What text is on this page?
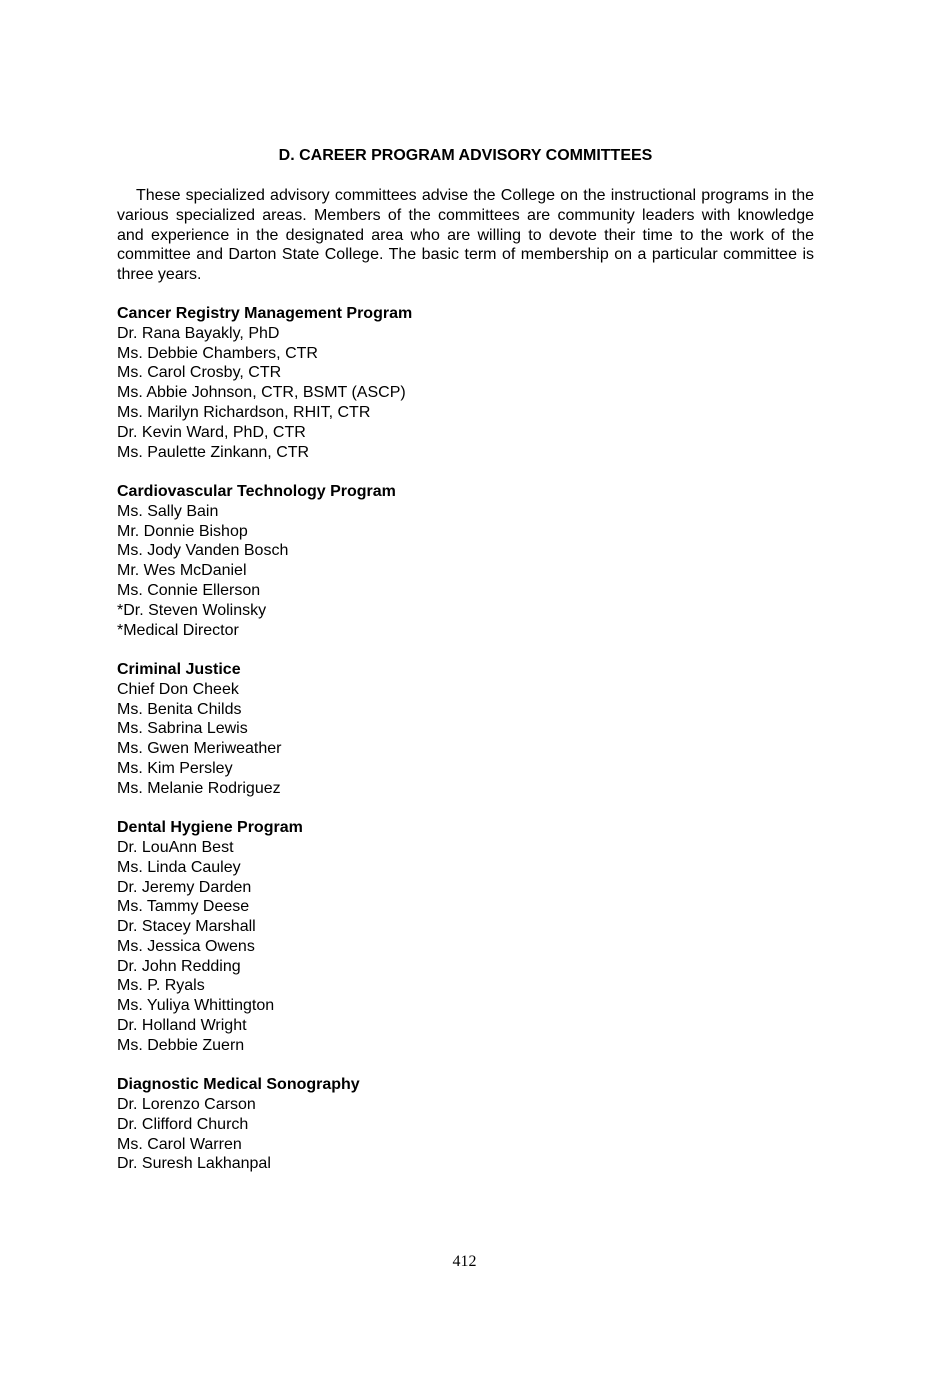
D. CAREER PROGRAM ADVISORY COMMITTEES

These specialized advisory committees advise the College on the instructional programs in the various specialized areas. Members of the committees are community leaders with knowledge and experience in the designated area who are willing to devote their time to the work of the committee and Darton State College. The basic term of membership on a particular committee is three years.

Cancer Registry Management Program

Dr. Rana Bayakly, PhD

Ms. Debbie Chambers, CTR

Ms. Carol Crosby, CTR

Ms. Abbie Johnson, CTR, BSMT (ASCP)

Ms. Marilyn Richardson, RHIT, CTR

Dr. Kevin Ward, PhD, CTR

Ms. Paulette Zinkann, CTR

Cardiovascular Technology Program

Ms. Sally Bain

Mr. Donnie Bishop

Ms. Jody Vanden Bosch

Mr. Wes McDaniel

Ms. Connie Ellerson

*Dr. Steven Wolinsky

*Medical Director

Criminal Justice

Chief Don Cheek

Ms. Benita Childs

Ms. Sabrina Lewis

Ms. Gwen Meriweather

Ms. Kim Persley

Ms. Melanie Rodriguez

Dental Hygiene Program

Dr. LouAnn Best

Ms. Linda Cauley

Dr. Jeremy Darden

Ms. Tammy Deese

Dr. Stacey Marshall

Ms. Jessica Owens

Dr. John Redding

Ms. P. Ryals

Ms. Yuliya Whittington

Dr. Holland Wright

Ms. Debbie Zuern

Diagnostic Medical Sonography

Dr. Lorenzo Carson

Dr. Clifford Church

Ms. Carol Warren

Dr. Suresh Lakhanpal

412
